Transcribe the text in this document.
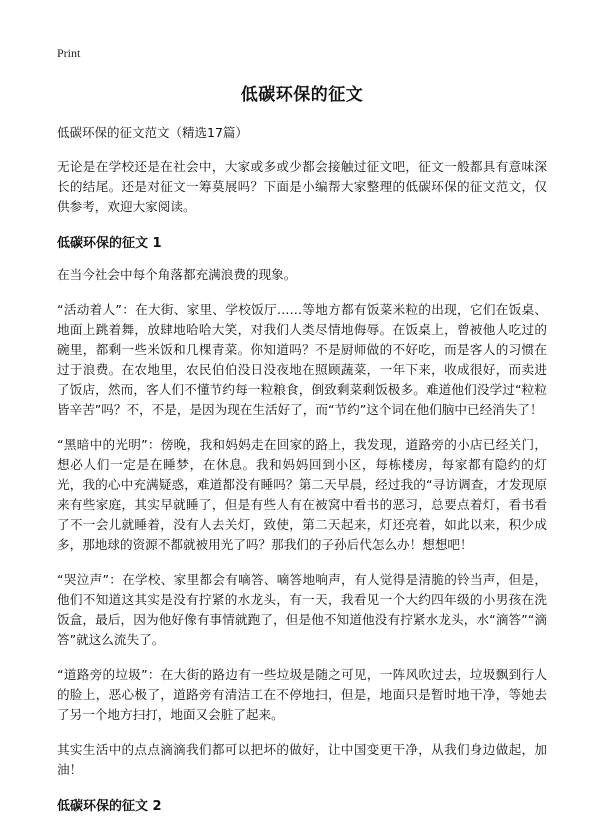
Print
低碳环保的征文
低碳环保的征文范文（精选17篇）

无论是在学校还是在社会中，大家或多或少都会接触过征文吧，征文一般都具有意味深长的结尾。还是对征文一筹莫展吗？下面是小编帮大家整理的低碳环保的征文范文，仅供参考，欢迎大家阅读。

低碳环保的征文 1

在当今社会中每个角落都充满浪费的现象。

“活动着人”：在大街、家里、学校饭厅……等地方都有饭菜米粒的出现，它们在饭桌、地面上跳着舞，放肆地哈哈大笑，对我们人类尽情地侮辱。在饭桌上，曾被他人吃过的碗里，都剩一些米饭和几棵青菜。你知道吗？不是厨师做的不好吃，而是客人的习惯在过于浪费。在农地里，农民伯伯没日没夜地在照顾蔬菜，一年下来，收成很好，而卖进了饭店，然而，客人们不懂节约每一粒粮食，倒致剩菜剩饭极多。难道他们没学过“粒粒皆辛苦”吗？不，不是，是因为现在生活好了，而“节约”这个词在他们脑中已经消失了！

“黑暗中的光明”：傍晚，我和妈妈走在回家的路上，我发现，道路旁的小店已经关门，想必人们一定是在睡梦，在休息。我和妈妈回到小区，每栋楼房，每家都有隐约的灯光，我的心中充满疑惑，难道都没有睡吗？第二天早晨，经过我的“寻访调查，才发现原来有些家庭，其实早就睡了，但是有些人有在被窝中看书的恶习，总要点着灯，看书看了不一会儿就睡着，没有人去关灯，致使，第二天起来，灯还亮着，如此以来，积少成多，那地球的资源不都就被用光了吗？那我们的子孙后代怎么办！想想吧！

“哭泣声”：在学校、家里都会有嘀答、嘀答地响声，有人觉得是清脆的铃当声，但是，他们不知道这其实是没有拧紧的水龙头，有一天，我看见一个大约四年级的小男孩在洗饭盒，最后，因为他好像有事情就跑了，但是他不知道他没有拧紧水龙头，水“滴答”“滴答”就这么流失了。

“道路旁的垃圾”：在大街的路边有一些垃圾是随之可见，一阵风吹过去，垃圾飘到行人的脸上，恶心极了，道路旁有清洁工在不停地扫，但是，地面只是暂时地干净，等她去了另一个地方扫打，地面又会脏了起来。

其实生活中的点点滴滴我们都可以把坏的做好，让中国变更干净，从我们身边做起，加油！

低碳环保的征文 2
